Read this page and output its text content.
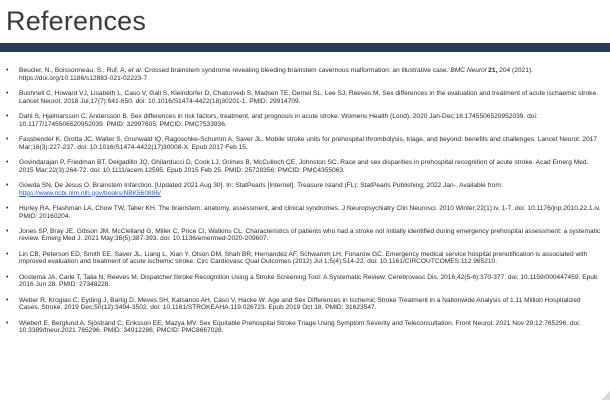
References
• Beucler, N., Boissonneau, S., Ruf, A. et al. Crossed brainstem syndrome revealing bleeding brainstem cavernous malformation: an illustrative case. BMC Neurol 21, 204 (2021). https://doi.org/10.1186/s12883-021-02223-7
• Bushnell C, Howard VJ, Lisabeth L, Caso V, Gall S, Kleindorfer D, Chaturvedi S, Madsen TE, Demel SL, Lee SJ, Reeves M. Sex differences in the evaluation and treatment of acute ischaemic stroke. Lancet Neurol. 2018 Jul;17(7):641-650. doi: 10.1016/S1474-4422(18)30201-1. PMID: 29914709.
• Dahl S, Hjalmarsson C, Andersson B. Sex differences in risk factors, treatment, and prognosis in acute stroke. Womens Health (Lond). 2020 Jan-Dec;16:1745506520952039. doi: 10.1177/1745506520952039. PMID: 32997605; PMCID: PMC7533936.
• Fassbender K, Grotta JC, Walter S, Grunwald IQ, Ragoschke-Schumm A, Saver JL. Mobile stroke units for prehospital thrombolysis, triage, and beyond: benefits and challenges. Lancet Neurol. 2017 Mar;16(3):227-237. doi: 10.1016/S1474-4422(17)30008-X. Epub 2017 Feb 15.
• Govindarajan P, Friedman BT, Delgadillo JQ, Ghilarducci D, Cook LJ, Grimes B, McCulloch CE, Johnston SC. Race and sex disparities in prehospital recognition of acute stroke. Acad Emerg Med. 2015 Mar;22(3):264-72. doi: 10.1111/acem.12595. Epub 2015 Feb 25. PMID: 25728356; PMCID: PMC4355063.
• Gowda SN, De Jesus O. Brainstem Infarction. [Updated 2021 Aug 30]. In: StatPearls [Internet]. Treasure Island (FL): StatPearls Publishing; 2022 Jan-. Available from: https://www.ncbi.nlm.nih.gov/books/NBK560896/
• Hurley RA, Flashman LA, Chow TW, Taber KH. The brainstem: anatomy, assessment, and clinical syndromes. J Neuropsychiatry Clin Neurosci. 2010 Winter;22(1):iv, 1-7. doi: 10.1176/jnp.2010.22.1.iv. PMID: 20160204.
• Jones SP, Bray JE, Gibson JM, McClelland G, Miller C, Price CI, Watkins CL. Characteristics of patients who had a stroke not initially identified during emergency prehospital assessment: a systematic review. Emerg Med J. 2021 May;38(5):387-393. doi: 10.1136/emermed-2020-209607.
• Lin CB, Peterson ED, Smith EE, Saver JL, Liang L, Xian Y, Olson DM, Shah BR, Hernandez AF, Schwamm LH, Fonarow GC. Emergency medical service hospital prenotification is associated with improved evaluation and treatment of acute ischemic stroke. Circ Cardiovasc Qual Outcomes (2012) Jul 1;5(4):514-22. doi: 10.1161/CIRCOUTCOMES.112.965210.
• Oostema JA, Carle T, Talia N, Reeves M. Dispatcher Stroke Recognition Using a Stroke Screening Tool: A Systematic Review. Cerebrovasc Dis. 2016;42(5-6):370-377. doi: 10.1159/000447459. Epub 2016 Jun 28. PMID: 27348228.
• Weber R, Krogias C, Eyding J, Bartig D, Meves SH, Katsanos AH, Caso V, Hacke W. Age and Sex Differences in Ischemic Stroke Treatment in a Nationwide Analysis of 1.11 Million Hospitalized Cases. Stroke. 2019 Dec;50(12):3494-3502. doi: 10.1161/STROKEAHA.119.026723. Epub 2019 Oct 18. PMID: 31623547.
• Wiebert E, Berglund A, Sjöstrand C, Eriksson EE, Mazya MV. Sex Equitable Prehospital Stroke Triage Using Symptom Severity and Teleconsultation. Front Neurol. 2021 Nov 29;12:765296. doi: 10.3389/fneur.2021.765296. PMID: 34912286; PMCID: PMC8667028.
